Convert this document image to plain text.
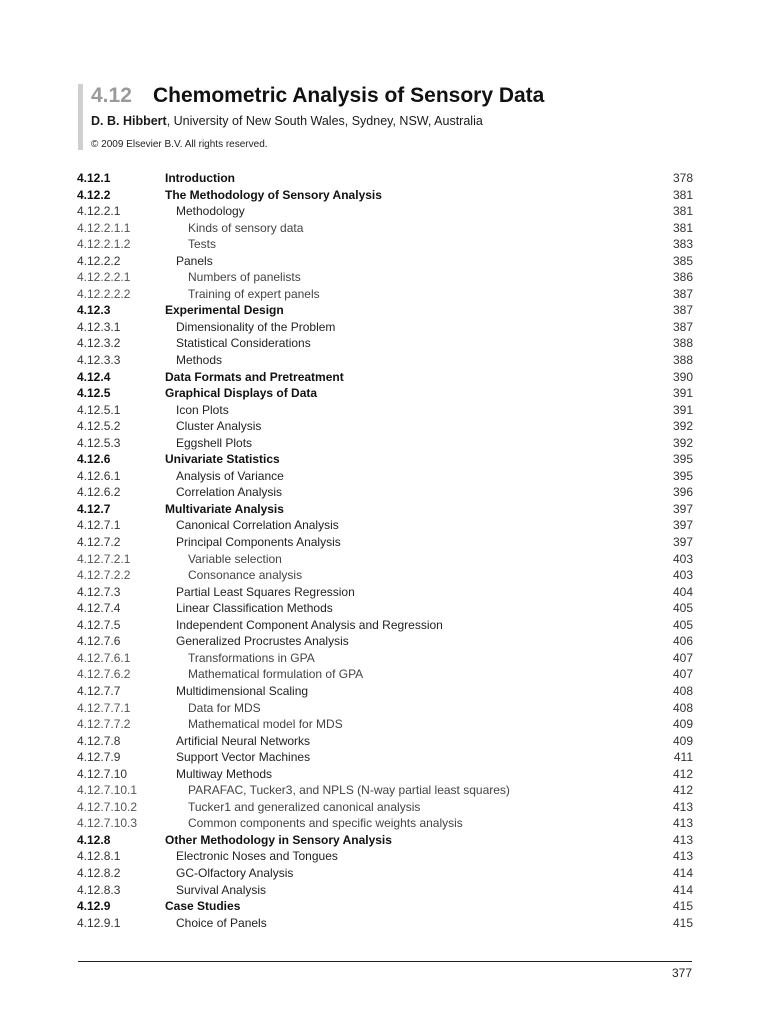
4.12	Chemometric Analysis of Sensory Data
D. B. Hibbert, University of New South Wales, Sydney, NSW, Australia
© 2009 Elsevier B.V. All rights reserved.
4.12.1	Introduction	378
4.12.2	The Methodology of Sensory Analysis	381
4.12.2.1	Methodology	381
4.12.2.1.1	Kinds of sensory data	381
4.12.2.1.2	Tests	383
4.12.2.2	Panels	385
4.12.2.2.1	Numbers of panelists	386
4.12.2.2.2	Training of expert panels	387
4.12.3	Experimental Design	387
4.12.3.1	Dimensionality of the Problem	387
4.12.3.2	Statistical Considerations	388
4.12.3.3	Methods	388
4.12.4	Data Formats and Pretreatment	390
4.12.5	Graphical Displays of Data	391
4.12.5.1	Icon Plots	391
4.12.5.2	Cluster Analysis	392
4.12.5.3	Eggshell Plots	392
4.12.6	Univariate Statistics	395
4.12.6.1	Analysis of Variance	395
4.12.6.2	Correlation Analysis	396
4.12.7	Multivariate Analysis	397
4.12.7.1	Canonical Correlation Analysis	397
4.12.7.2	Principal Components Analysis	397
4.12.7.2.1	Variable selection	403
4.12.7.2.2	Consonance analysis	403
4.12.7.3	Partial Least Squares Regression	404
4.12.7.4	Linear Classification Methods	405
4.12.7.5	Independent Component Analysis and Regression	405
4.12.7.6	Generalized Procrustes Analysis	406
4.12.7.6.1	Transformations in GPA	407
4.12.7.6.2	Mathematical formulation of GPA	407
4.12.7.7	Multidimensional Scaling	408
4.12.7.7.1	Data for MDS	408
4.12.7.7.2	Mathematical model for MDS	409
4.12.7.8	Artificial Neural Networks	409
4.12.7.9	Support Vector Machines	411
4.12.7.10	Multiway Methods	412
4.12.7.10.1	PARAFAC, Tucker3, and NPLS (N-way partial least squares)	412
4.12.7.10.2	Tucker1 and generalized canonical analysis	413
4.12.7.10.3	Common components and specific weights analysis	413
4.12.8	Other Methodology in Sensory Analysis	413
4.12.8.1	Electronic Noses and Tongues	413
4.12.8.2	GC-Olfactory Analysis	414
4.12.8.3	Survival Analysis	414
4.12.9	Case Studies	415
4.12.9.1	Choice of Panels	415
377
